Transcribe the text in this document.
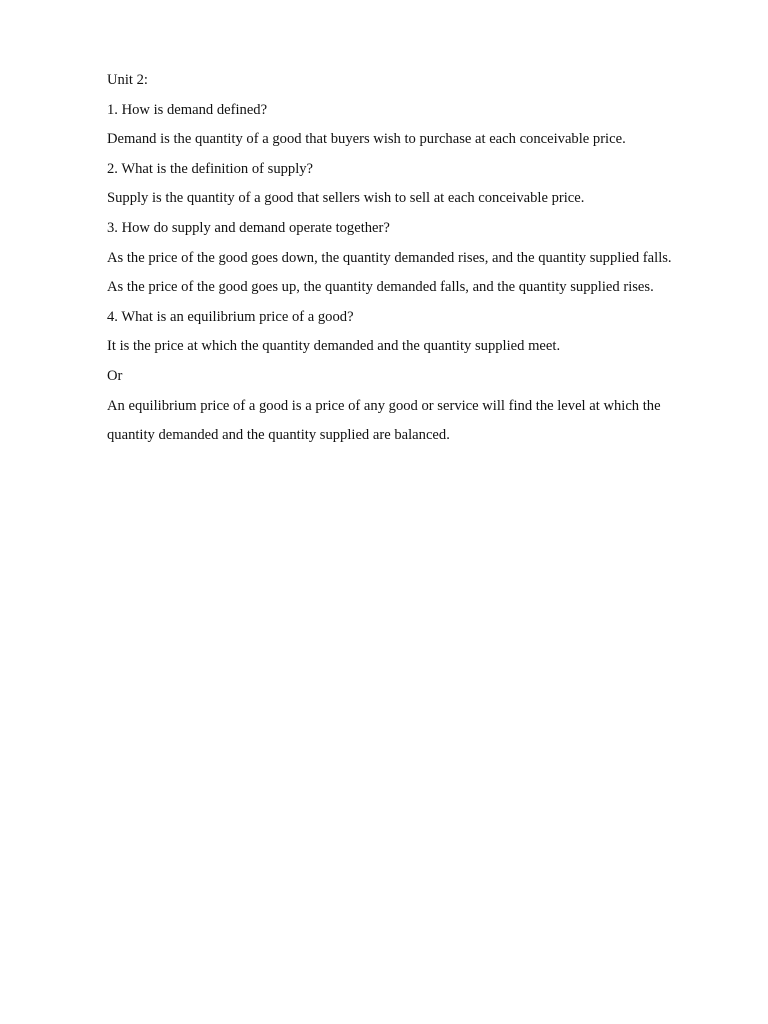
Unit 2:
1. How is demand defined?
Demand is the quantity of a good that buyers wish to purchase at each conceivable price.
2. What is the definition of supply?
Supply is the quantity of a good that sellers wish to sell at each conceivable price.
3. How do supply and demand operate together?
As the price of the good goes down, the quantity demanded rises, and the quantity supplied falls.
As the price of the good goes up, the quantity demanded falls, and the quantity supplied rises.
4. What is an equilibrium price of a good?
It is the price at which the quantity demanded and the quantity supplied meet.
Or
An equilibrium price of a good is a price of any good or service will find the level at which the
quantity demanded and the quantity supplied are balanced.
